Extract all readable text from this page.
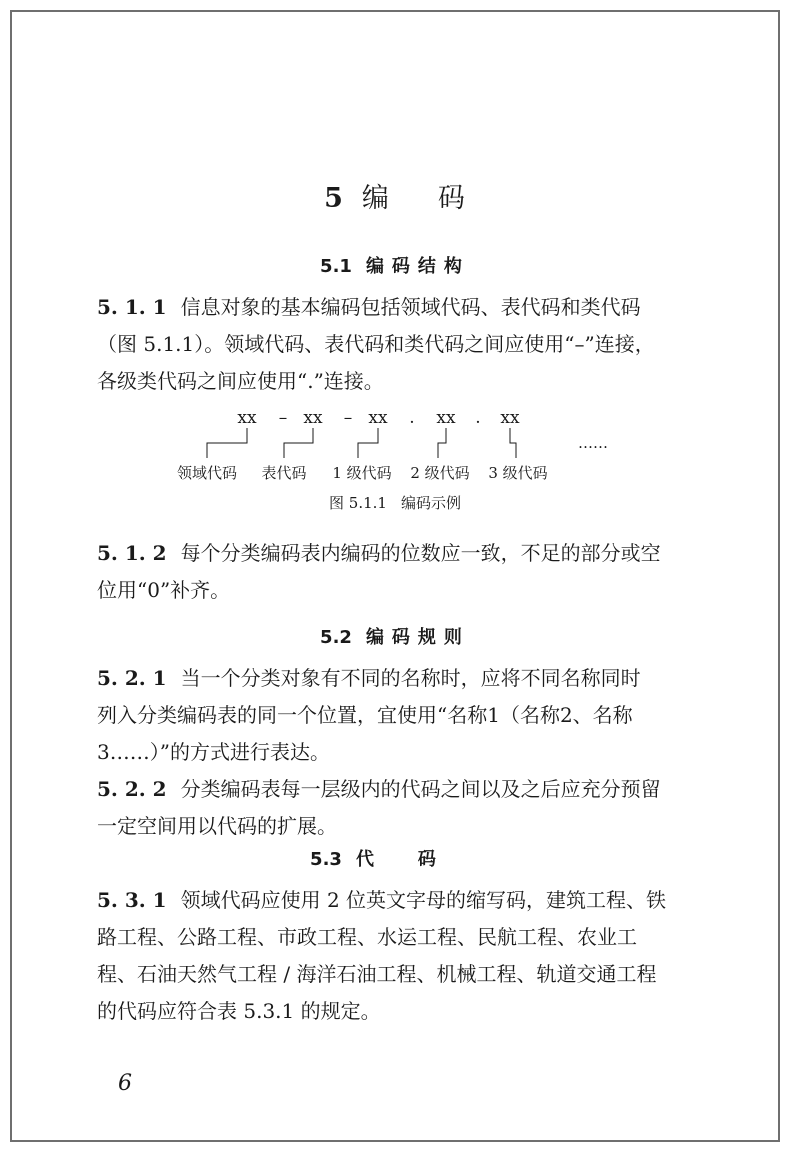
5 编 码
5.1 编码结构
5. 1. 1 信息对象的基本编码包括领域代码、表代码和类代码
（图 5.1.1）。领域代码、表代码和类代码之间应使用“–”连接，
各级类代码之间应使用“.”连接。
xx – xx – xx . xx . xx
……
领域代码 表代码 1 级代码 2 级代码 3 级代码
图 5.1.1 编码示例
5. 1. 2 每个分类编码表内编码的位数应一致，不足的部分或空
位用“0”补齐。
5.2 编码规则
5. 2. 1 当一个分类对象有不同的名称时，应将不同名称同时
列入分类编码表的同一个位置，宜使用“名称1（名称2、名称
3……）”的方式进行表达。
5. 2. 2 分类编码表每一层级内的代码之间以及之后应充分预留
一定空间用以代码的扩展。
5.3 代码
5. 3. 1 领域代码应使用 2 位英文字母的缩写码，建筑工程、铁
路工程、公路工程、市政工程、水运工程、民航工程、农业工
程、石油天然气工程 / 海洋石油工程、机械工程、轨道交通工程
的代码应符合表 5.3.1 的规定。
6
